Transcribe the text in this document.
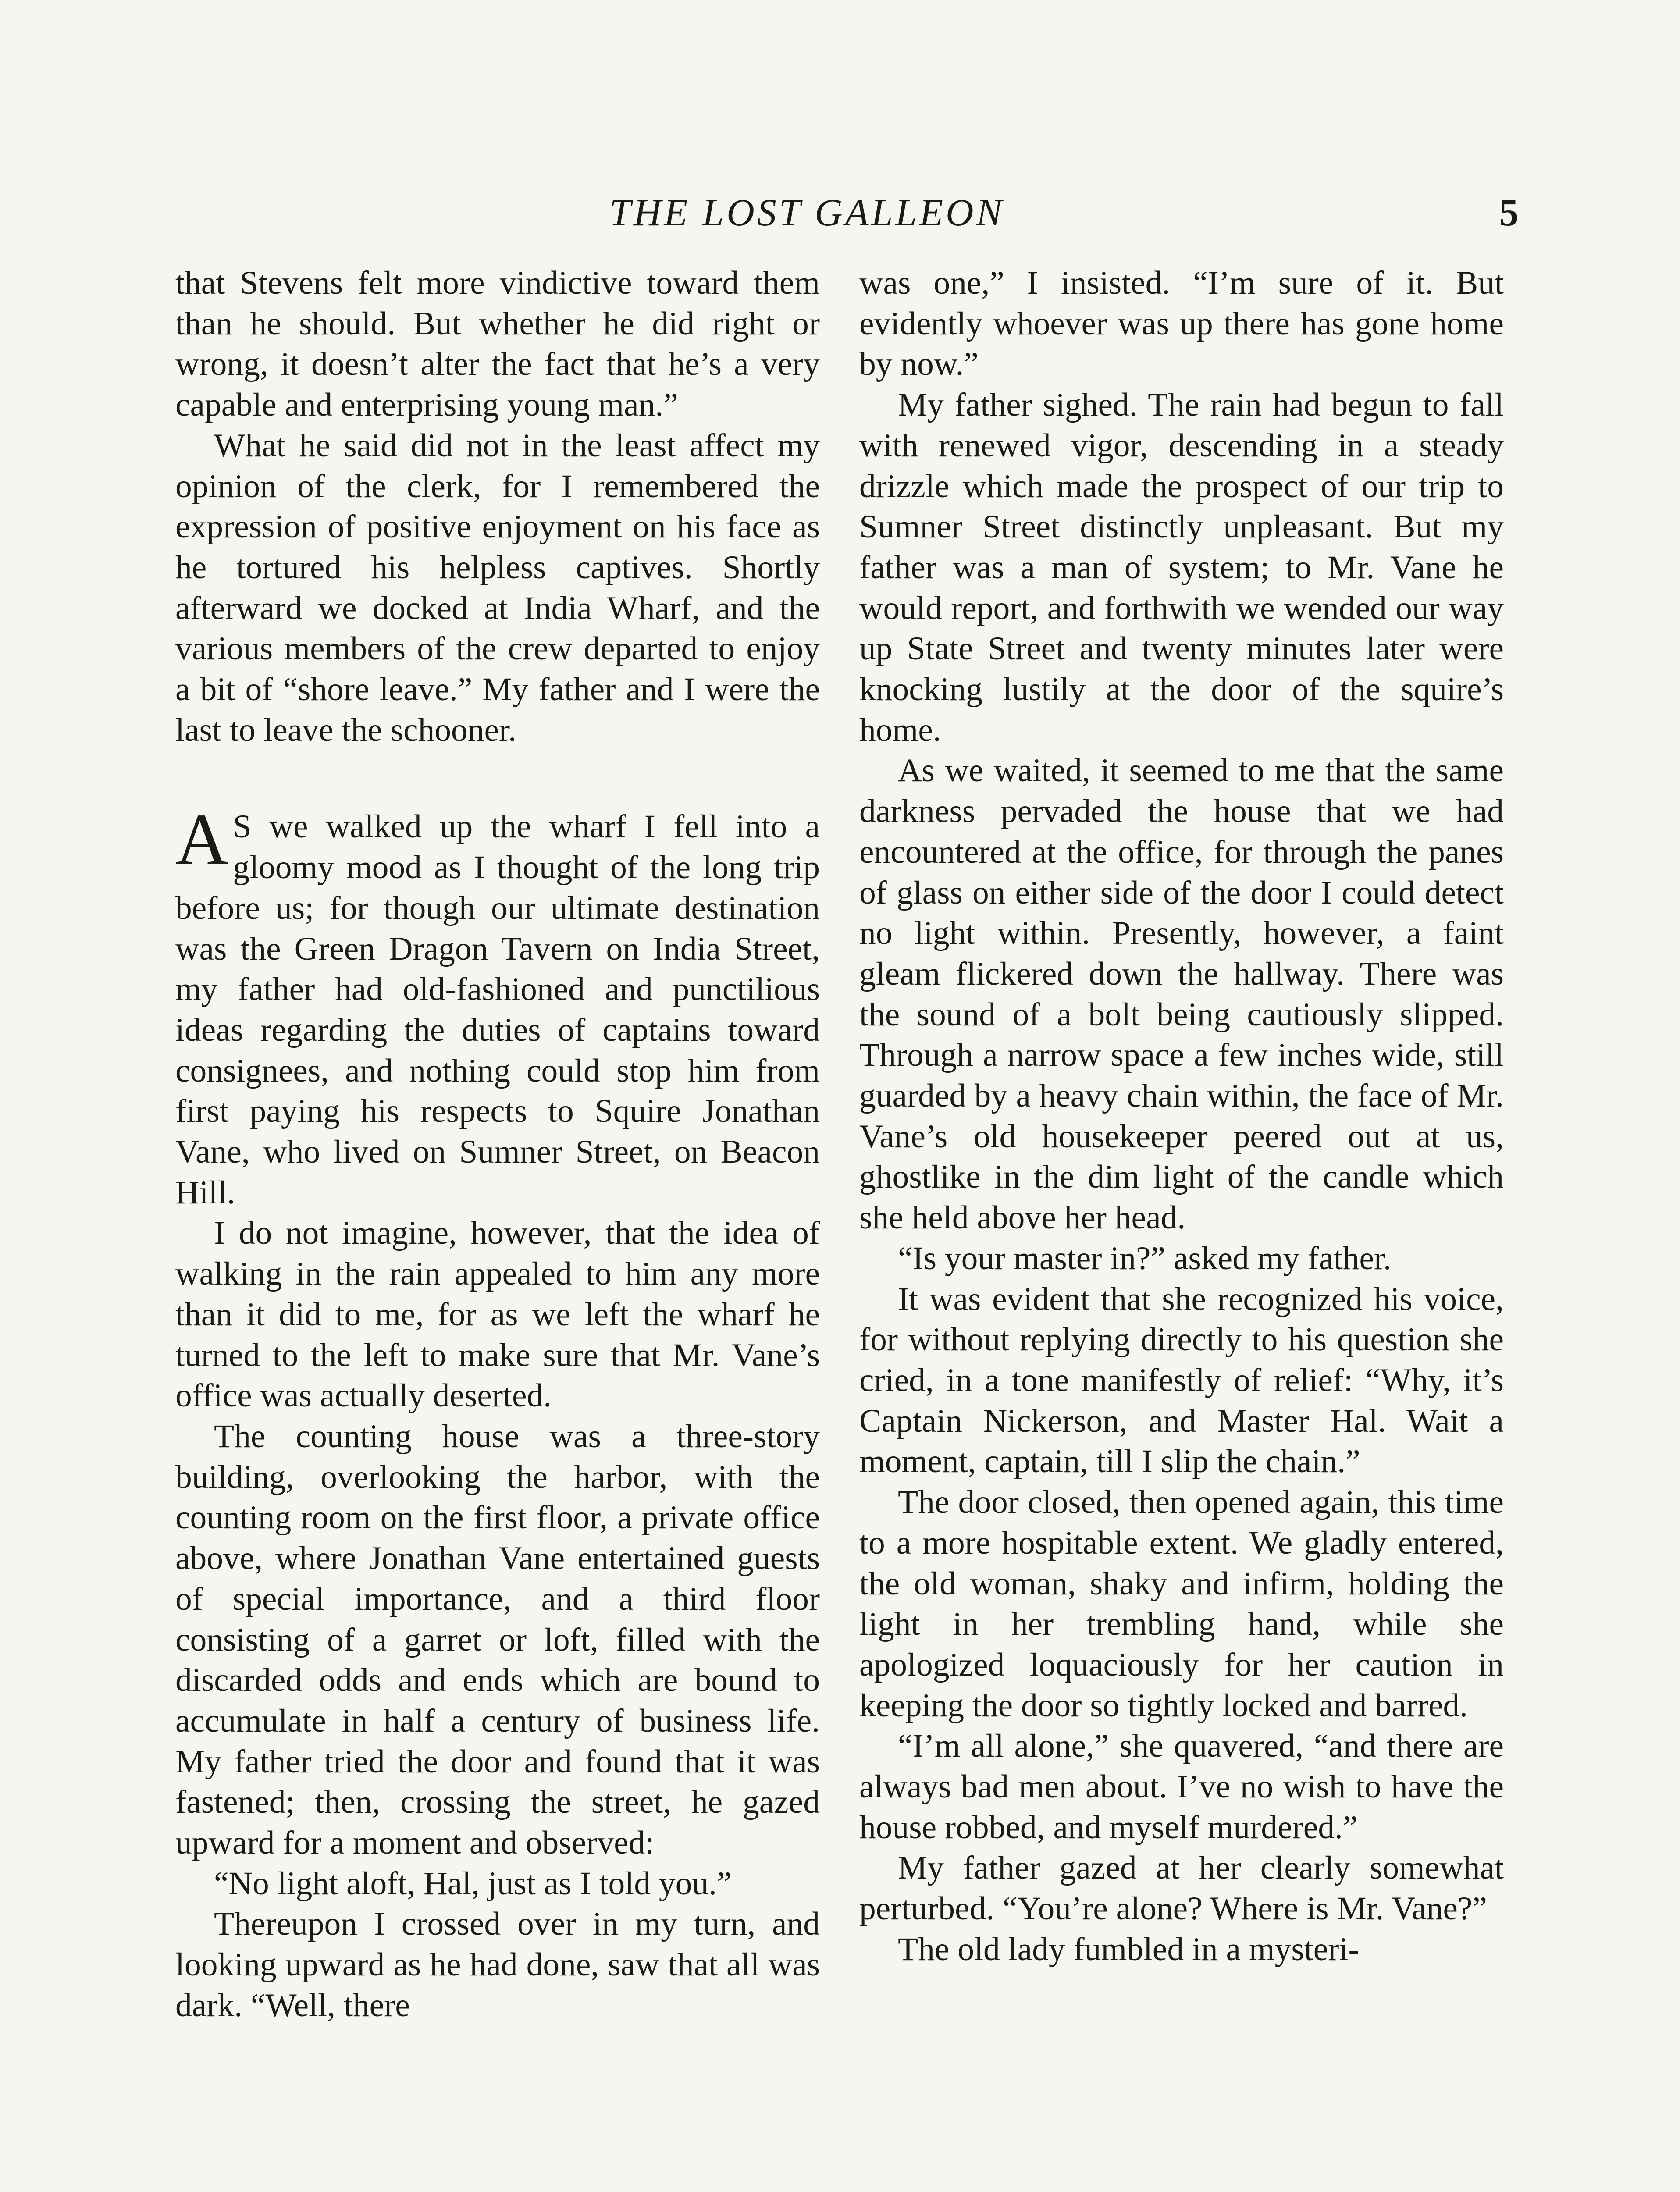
THE LOST GALLEON	5

that Stevens felt more vindictive toward them than he should. But whether he did right or wrong, it doesn’t alter the fact that he’s a very capable and enterprising young man.”

What he said did not in the least affect my opinion of the clerk, for I remembered the expression of positive enjoyment on his face as he tortured his helpless captives. Shortly afterward we docked at India Wharf, and the various members of the crew departed to enjoy a bit of “shore leave.” My father and I were the last to leave the schooner.

A S we walked up the wharf I fell into a gloomy mood as I thought of the long trip before us; for though our ultimate destination was the Green Dragon Tavern on India Street, my father had old-fashioned and punctilious ideas regarding the duties of captains toward consignees, and nothing could stop him from first paying his respects to Squire Jonathan Vane, who lived on Sumner Street, on Beacon Hill.

I do not imagine, however, that the idea of walking in the rain appealed to him any more than it did to me, for as we left the wharf he turned to the left to make sure that Mr. Vane’s office was actually deserted.

The counting house was a three-story building, overlooking the harbor, with the counting room on the first floor, a private office above, where Jonathan Vane entertained guests of special importance, and a third floor consisting of a garret or loft, filled with the discarded odds and ends which are bound to accumulate in half a century of business life. My father tried the door and found that it was fastened; then, crossing the street, he gazed upward for a moment and observed:

“No light aloft, Hal, just as I told you.”

Thereupon I crossed over in my turn, and looking upward as he had done, saw that all was dark. “Well, there

was one,” I insisted. “I’m sure of it. But evidently whoever was up there has gone home by now.”

My father sighed. The rain had begun to fall with renewed vigor, descending in a steady drizzle which made the prospect of our trip to Sumner Street distinctly unpleasant. But my father was a man of system; to Mr. Vane he would report, and forthwith we wended our way up State Street and twenty minutes later were knocking lustily at the door of the squire’s home.

As we waited, it seemed to me that the same darkness pervaded the house that we had encountered at the office, for through the panes of glass on either side of the door I could detect no light within. Presently, however, a faint gleam flickered down the hallway. There was the sound of a bolt being cautiously slipped. Through a narrow space a few inches wide, still guarded by a heavy chain within, the face of Mr. Vane’s old housekeeper peered out at us, ghostlike in the dim light of the candle which she held above her head.

“Is your master in?” asked my father.

It was evident that she recognized his voice, for without replying directly to his question she cried, in a tone manifestly of relief: “Why, it’s Captain Nickerson, and Master Hal. Wait a moment, captain, till I slip the chain.”

The door closed, then opened again, this time to a more hospitable extent. We gladly entered, the old woman, shaky and infirm, holding the light in her trembling hand, while she apologized loquaciously for her caution in keeping the door so tightly locked and barred.

“I’m all alone,” she quavered, “and there are always bad men about. I’ve no wish to have the house robbed, and myself murdered.”

My father gazed at her clearly somewhat perturbed. “You’re alone? Where is Mr. Vane?”

The old lady fumbled in a mysteri-
